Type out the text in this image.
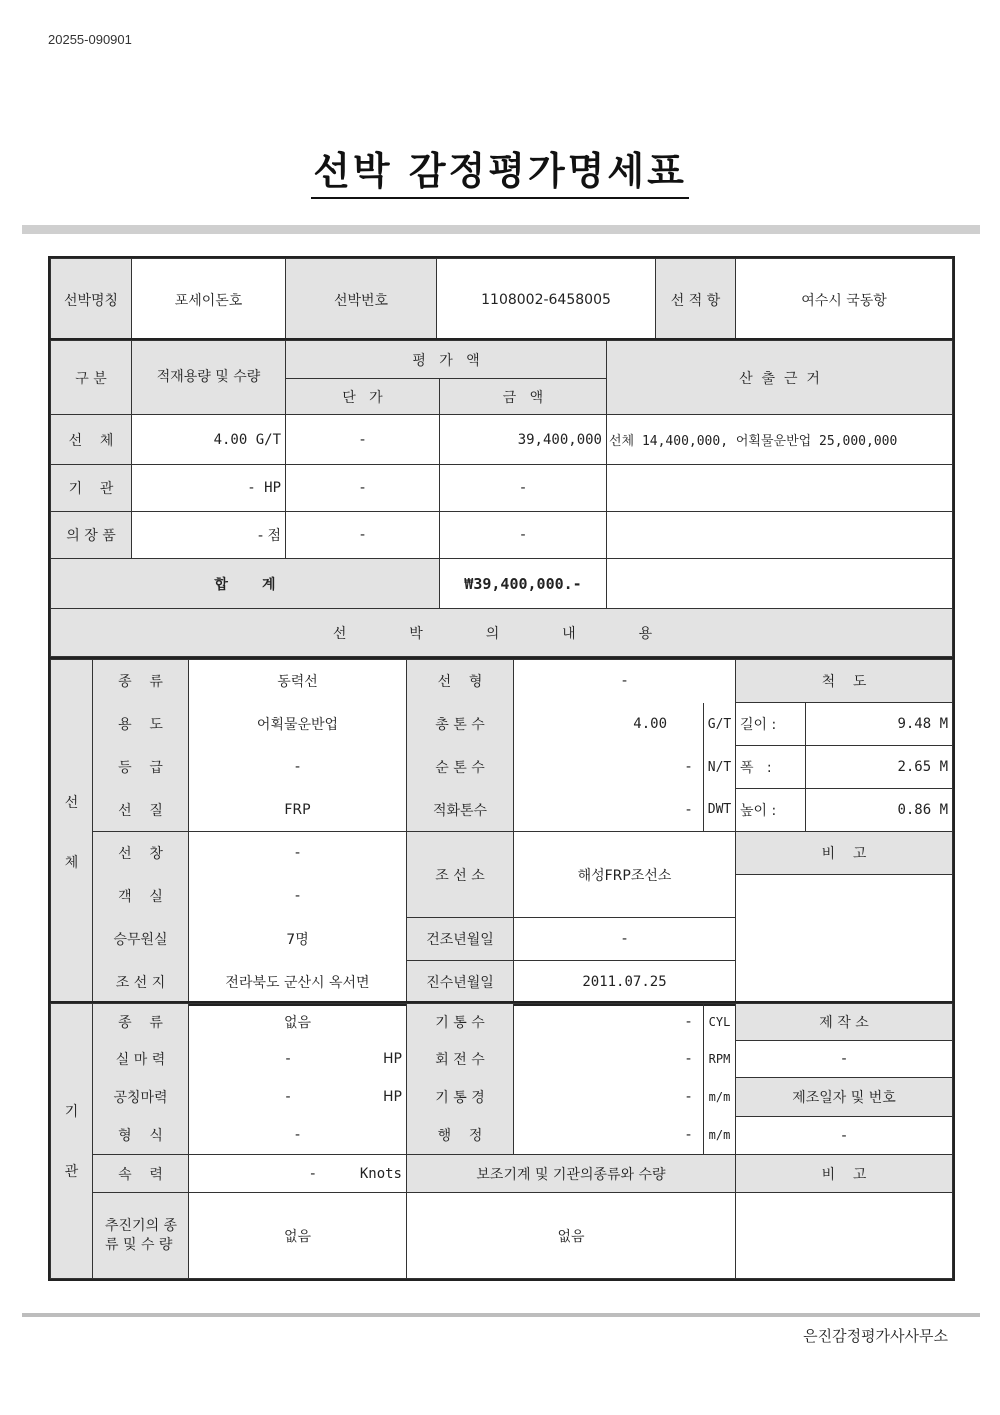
20255-090901
선박 감정평가명세표
선박명칭	포세이돈호	선박번호	1108002-6458005	선 적 항	여수시 국동항
구 분	적재용량 및 수량	평   가   액		산  출  근  거
		단   가	금   액	
선    체	4.00 G/T	-	39,400,000	선체 14,400,000, 어획물운반업 25,000,000
기    관	- HP	-	-	
의 장 품	- 점	-	-	
합       계			₩39,400,000.-	
선  박  의  내  용				
선
체	종    류	동력선	선    형	-		척    도	
	용    도	어획물운반업	총 톤 수	4.00	G/T	길이 :	9.48 M
	등    급	-	순 톤 수	-	N/T	폭   :	2.65 M
	선    질	FRP	적화톤수	-	DWT	높이 :	0.86 M
	선    창	-	조 선 소	해성FRP조선소		비    고	
	객    실	-					
	승무원실	7명	건조년월일	-			
	조 선 지	전라북도 군산시 옥서면	진수년월일	2011.07.25			
기
관	종    류	없음	기 통 수	-	CYL	제 작 소
	실 마 력	- HP	회 전 수	-	RPM	-
	공칭마력	- HP	기 통 경	-	m/m	제조일자 및 번호
	형    식	-	행    정	-	m/m	-
	속    력	- Knots	보조기계 및 기관의종류와 수량			비    고
	추진기의 종 류 및 수 량	없음	없음			
은진감정평가사사무소
